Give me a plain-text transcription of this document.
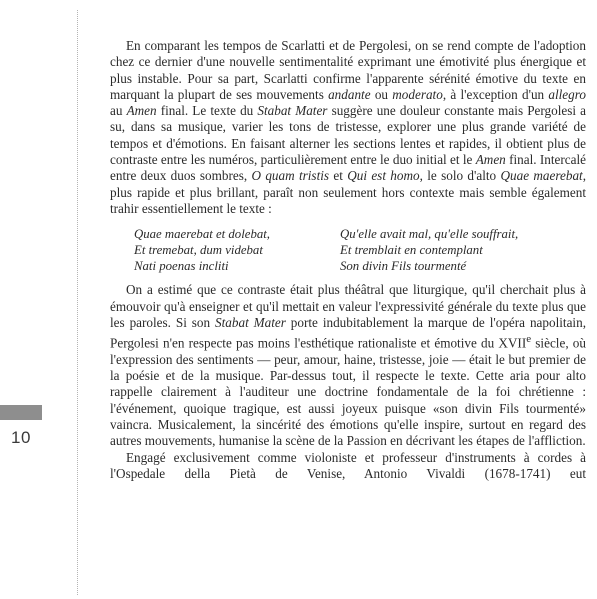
10

En comparant les tempos de Scarlatti et de Pergolesi, on se rend compte de l'adoption chez ce dernier d'une nouvelle sentimentalité exprimant une émotivité plus énergique et plus instable. Pour sa part, Scarlatti confirme l'apparente sérénité émotive du texte en marquant la plupart de ses mouvements andante ou moderato, à l'exception d'un allegro au Amen final. Le texte du Stabat Mater suggère une douleur constante mais Pergolesi a su, dans sa musique, varier les tons de tristesse, explorer une plus grande variété de tempos et d'émotions. En faisant alterner les sections lentes et rapides, il obtient plus de contraste entre les numéros, particulièrement entre le duo initial et le Amen final. Intercalé entre deux duos sombres, O quam tristis et Qui est homo, le solo d'alto Quae maerebat, plus rapide et plus brillant, paraît non seulement hors contexte mais semble également trahir essentiellement le texte :

Quae maerebat et dolebat,	Qu'elle avait mal, qu'elle souffrait,
Et tremebat, dum videbat	Et tremblait en contemplant
Nati poenas incliti	Son divin Fils tourmenté

On a estimé que ce contraste était plus théâtral que liturgique, qu'il cherchait plus à émouvoir qu'à enseigner et qu'il mettait en valeur l'expressivité générale du texte plus que les paroles. Si son Stabat Mater porte indubitablement la marque de l'opéra napolitain, Pergolesi n'en respecte pas moins l'esthétique rationaliste et émotive du XVIIe siècle, où l'expression des sentiments — peur, amour, haine, tristesse, joie — était le but premier de la poésie et de la musique. Par-dessus tout, il respecte le texte. Cette aria pour alto rappelle clairement à l'auditeur une doctrine fondamentale de la foi chrétienne : l'événement, quoique tragique, est aussi joyeux puisque «son divin Fils tourmenté» vaincra. Musicalement, la sincérité des émotions qu'elle inspire, surtout en regard des autres mouvements, humanise la scène de la Passion en décrivant les étapes de l'affliction.

Engagé exclusivement comme violoniste et professeur d'instruments à cordes à l'Ospedale della Pietà de Venise, Antonio Vivaldi (1678-1741) eut
